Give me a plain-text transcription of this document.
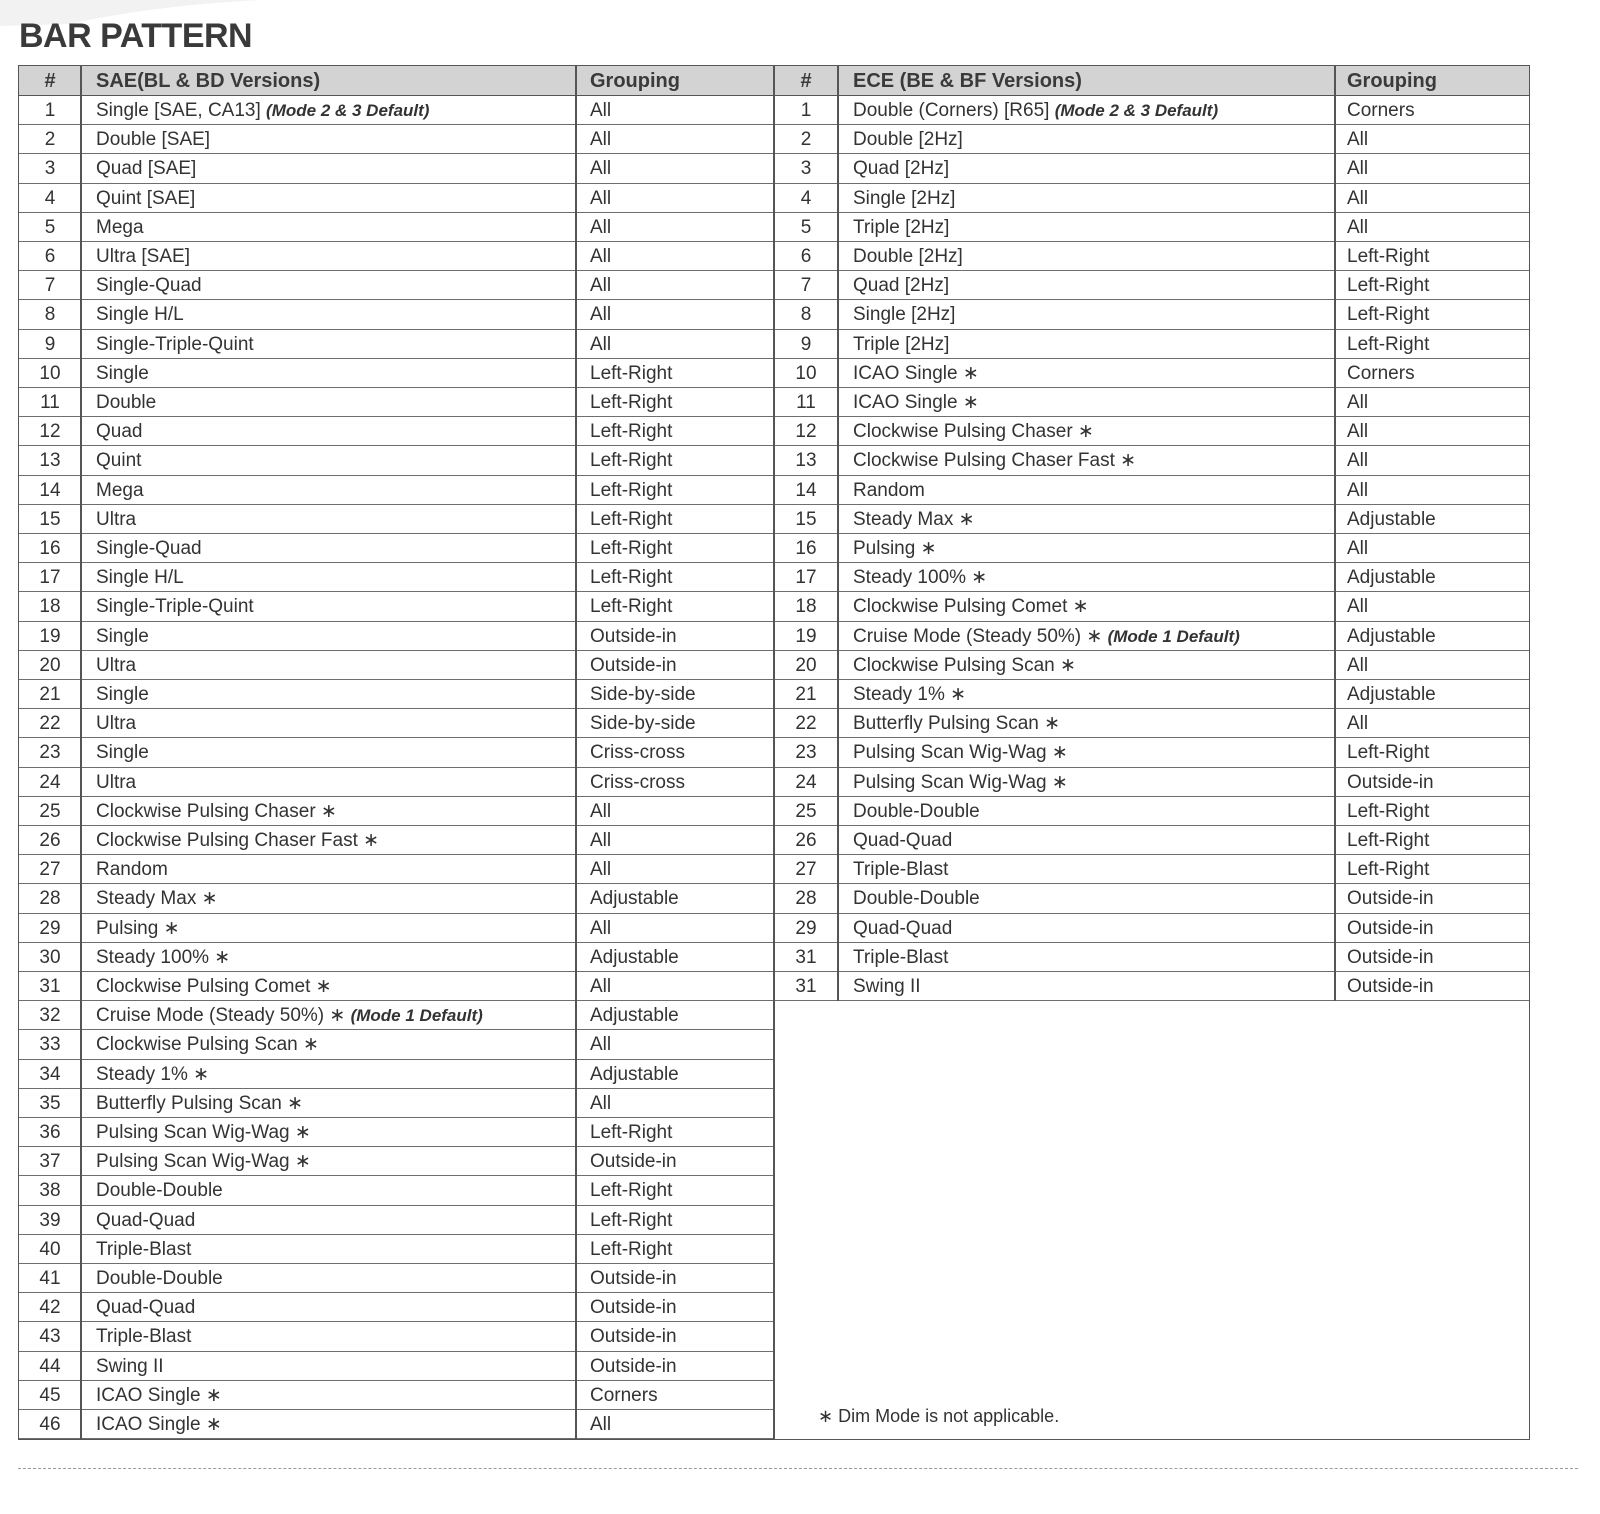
BAR PATTERN
#	SAE(BL & BD Versions)	Grouping	#	ECE (BE & BF Versions)	Grouping
1	Single [SAE, CA13] (Mode 2 & 3 Default)	All
2	Double [SAE]	All
3	Quad [SAE]	All
4	Quint [SAE]	All
5	Mega	All
6	Ultra [SAE]	All
7	Single-Quad	All
8	Single H/L	All
9	Single-Triple-Quint	All
10	Single	Left-Right
11	Double	Left-Right
12	Quad	Left-Right
13	Quint	Left-Right
14	Mega	Left-Right
15	Ultra	Left-Right
16	Single-Quad	Left-Right
17	Single H/L	Left-Right
18	Single-Triple-Quint	Left-Right
19	Single	Outside-in
20	Ultra	Outside-in
21	Single	Side-by-side
22	Ultra	Side-by-side
23	Single	Criss-cross
24	Ultra	Criss-cross
25	Clockwise Pulsing Chaser ∗	All
26	Clockwise Pulsing Chaser Fast ∗	All
27	Random	All
28	Steady Max ∗	Adjustable
29	Pulsing ∗	All
30	Steady 100% ∗	Adjustable
31	Clockwise Pulsing Comet ∗	All
32	Cruise Mode (Steady 50%) ∗ (Mode 1 Default)	Adjustable
33	Clockwise Pulsing Scan ∗	All
34	Steady 1% ∗	Adjustable
35	Butterfly Pulsing Scan ∗	All
36	Pulsing Scan Wig-Wag ∗	Left-Right
37	Pulsing Scan Wig-Wag ∗	Outside-in
38	Double-Double	Left-Right
39	Quad-Quad	Left-Right
40	Triple-Blast	Left-Right
41	Double-Double	Outside-in
42	Quad-Quad	Outside-in
43	Triple-Blast	Outside-in
44	Swing II	Outside-in
45	ICAO Single ∗	Corners
46	ICAO Single ∗	All
1	Double (Corners) [R65] (Mode 2 & 3 Default)	Corners
2	Double [2Hz]	All
3	Quad [2Hz]	All
4	Single [2Hz]	All
5	Triple [2Hz]	All
6	Double [2Hz]	Left-Right
7	Quad [2Hz]	Left-Right
8	Single [2Hz]	Left-Right
9	Triple [2Hz]	Left-Right
10	ICAO Single ∗	Corners
11	ICAO Single ∗	All
12	Clockwise Pulsing Chaser ∗	All
13	Clockwise Pulsing Chaser Fast ∗	All
14	Random	All
15	Steady Max ∗	Adjustable
16	Pulsing ∗	All
17	Steady 100% ∗	Adjustable
18	Clockwise Pulsing Comet ∗	All
19	Cruise Mode (Steady 50%) ∗ (Mode 1 Default)	Adjustable
20	Clockwise Pulsing Scan ∗	All
21	Steady 1% ∗	Adjustable
22	Butterfly Pulsing Scan ∗	All
23	Pulsing Scan Wig-Wag ∗	Left-Right
24	Pulsing Scan Wig-Wag ∗	Outside-in
25	Double-Double	Left-Right
26	Quad-Quad	Left-Right
27	Triple-Blast	Left-Right
28	Double-Double	Outside-in
29	Quad-Quad	Outside-in
31	Triple-Blast	Outside-in
31	Swing II	Outside-in
∗ Dim Mode is not applicable.
